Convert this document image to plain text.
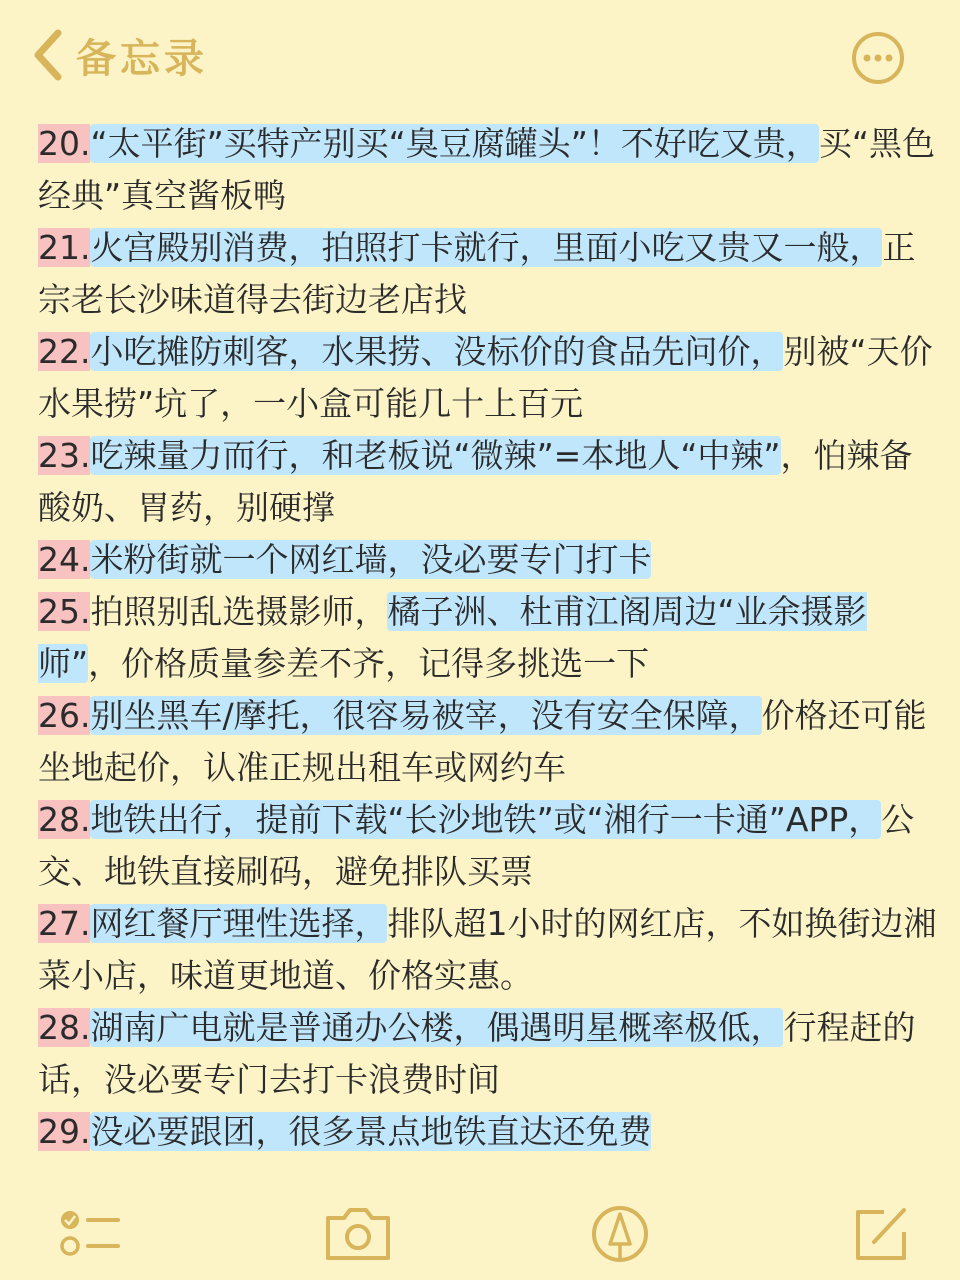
备忘录

20.“太平街”买特产别买“臭豆腐罐头”！不好吃又贵，买“黑色经典”真空酱板鸭

21.火宫殿别消费，拍照打卡就行，里面小吃又贵又一般，正宗老长沙味道得去街边老店找

22.小吃摊防刺客，水果捞、没标价的食品先问价，别被“天价水果捞”坑了，一小盒可能几十上百元

23.吃辣量力而行，和老板说“微辣”=本地人“中辣”，怕辣备酸奶、胃药，别硬撑

24.米粉街就一个网红墙，没必要专门打卡

25.拍照别乱选摄影师，橘子洲、杜甫江阁周边“业余摄影师”，价格质量参差不齐，记得多挑选一下

26.别坐黑车/摩托，很容易被宰，没有安全保障，价格还可能坐地起价，认准正规出租车或网约车

28.地铁出行，提前下载“长沙地铁”或“湘行一卡通”APP，公交、地铁直接刷码，避免排队买票

27.网红餐厅理性选择，排队超1小时的网红店，不如换街边湘菜小店，味道更地道、价格实惠。

28.湖南广电就是普通办公楼，偶遇明星概率极低，行程赶的话，没必要专门去打卡浪费时间

29.没必要跟团，很多景点地铁直达还免费
